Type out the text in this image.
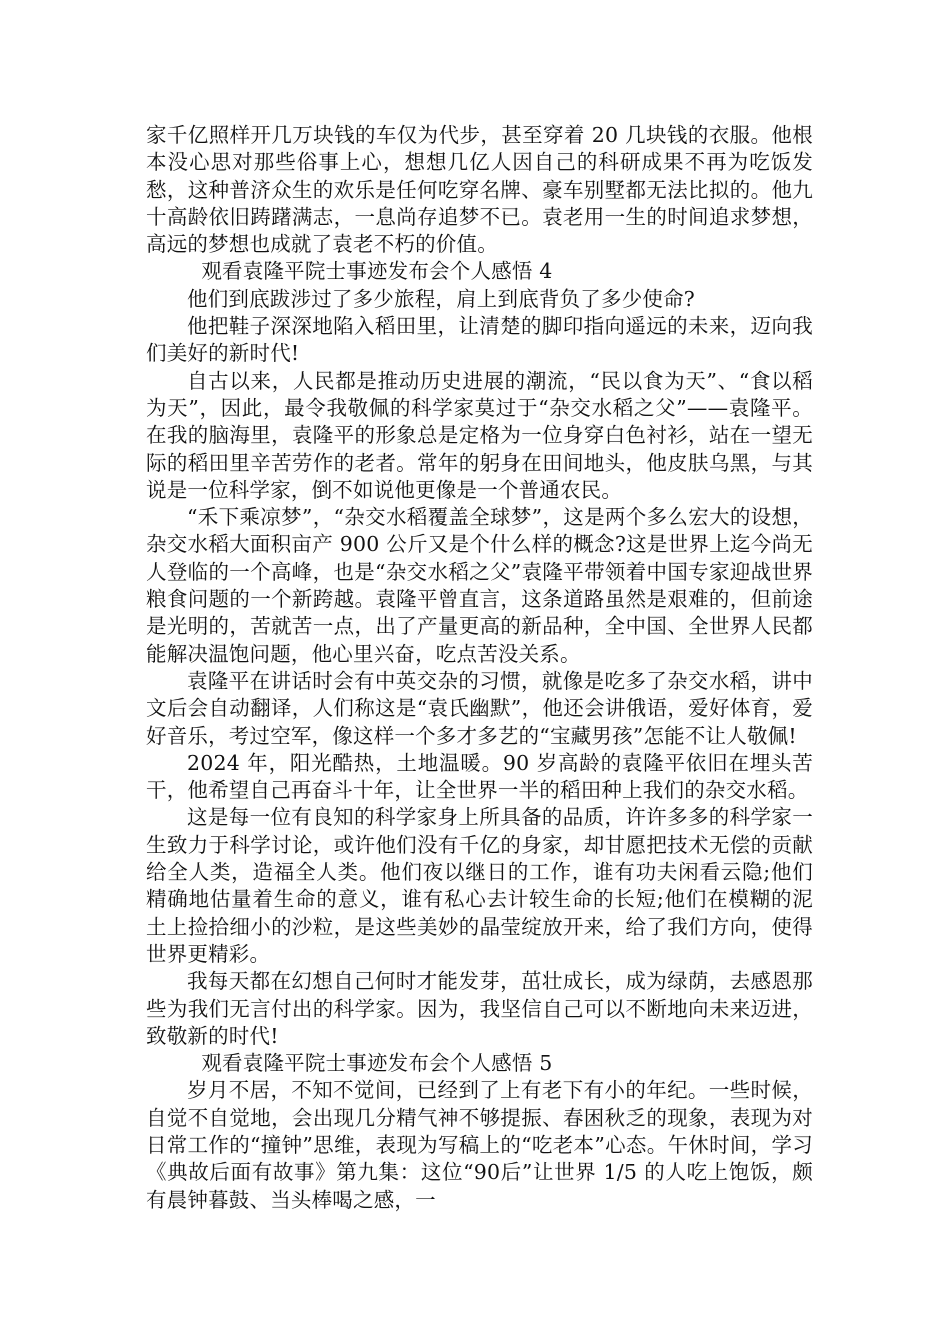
家千亿照样开几万块钱的车仅为代步，甚至穿着 20 几块钱的衣服。他根本没心思对那些俗事上心，想想几亿人因自己的科研成果不再为吃饭发愁，这种普济众生的欢乐是任何吃穿名牌、豪车别墅都无法比拟的。他九十高龄依旧踌躇满志，一息尚存追梦不已。袁老用一生的时间追求梦想，高远的梦想也成就了袁老不朽的价值。

观看袁隆平院士事迹发布会个人感悟 4

他们到底跋涉过了多少旅程，肩上到底背负了多少使命?

他把鞋子深深地陷入稻田里，让清楚的脚印指向遥远的未来，迈向我们美好的新时代!

自古以来，人民都是推动历史进展的潮流，“民以食为天”、“食以稻为天”，因此，最令我敬佩的科学家莫过于“杂交水稻之父”——袁隆平。在我的脑海里，袁隆平的形象总是定格为一位身穿白色衬衫，站在一望无际的稻田里辛苦劳作的老者。常年的躬身在田间地头，他皮肤乌黑，与其说是一位科学家，倒不如说他更像是一个普通农民。

“禾下乘凉梦”，“杂交水稻覆盖全球梦”，这是两个多么宏大的设想，杂交水稻大面积亩产 900 公斤又是个什么样的概念?这是世界上迄今尚无人登临的一个高峰，也是“杂交水稻之父”袁隆平带领着中国专家迎战世界粮食问题的一个新跨越。袁隆平曾直言，这条道路虽然是艰难的，但前途是光明的，苦就苦一点，出了产量更高的新品种，全中国、全世界人民都能解决温饱问题，他心里兴奋，吃点苦没关系。

袁隆平在讲话时会有中英交杂的习惯，就像是吃多了杂交水稻，讲中文后会自动翻译，人们称这是“袁氏幽默”，他还会讲俄语，爱好体育，爱好音乐，考过空军，像这样一个多才多艺的“宝藏男孩”怎能不让人敬佩!

2024 年，阳光酷热，土地温暖。90 岁高龄的袁隆平依旧在埋头苦干，他希望自己再奋斗十年，让全世界一半的稻田种上我们的杂交水稻。

这是每一位有良知的科学家身上所具备的品质，许许多多的科学家一生致力于科学讨论，或许他们没有千亿的身家，却甘愿把技术无偿的贡献给全人类，造福全人类。他们夜以继日的工作，谁有功夫闲看云隐;他们精确地估量着生命的意义，谁有私心去计较生命的长短;他们在模糊的泥土上捡拾细小的沙粒，是这些美妙的晶莹绽放开来，给了我们方向，使得世界更精彩。

我每天都在幻想自己何时才能发芽，茁壮成长，成为绿荫，去感恩那些为我们无言付出的科学家。因为，我坚信自己可以不断地向未来迈进，致敬新的时代!

观看袁隆平院士事迹发布会个人感悟 5

岁月不居，不知不觉间，已经到了上有老下有小的年纪。一些时候，自觉不自觉地，会出现几分精气神不够提振、春困秋乏的现象，表现为对日常工作的“撞钟”思维，表现为写稿上的“吃老本”心态。午休时间，学习《典故后面有故事》第九集：这位“90后”让世界 1/5 的人吃上饱饭，颇有晨钟暮鼓、当头棒喝之感，一
